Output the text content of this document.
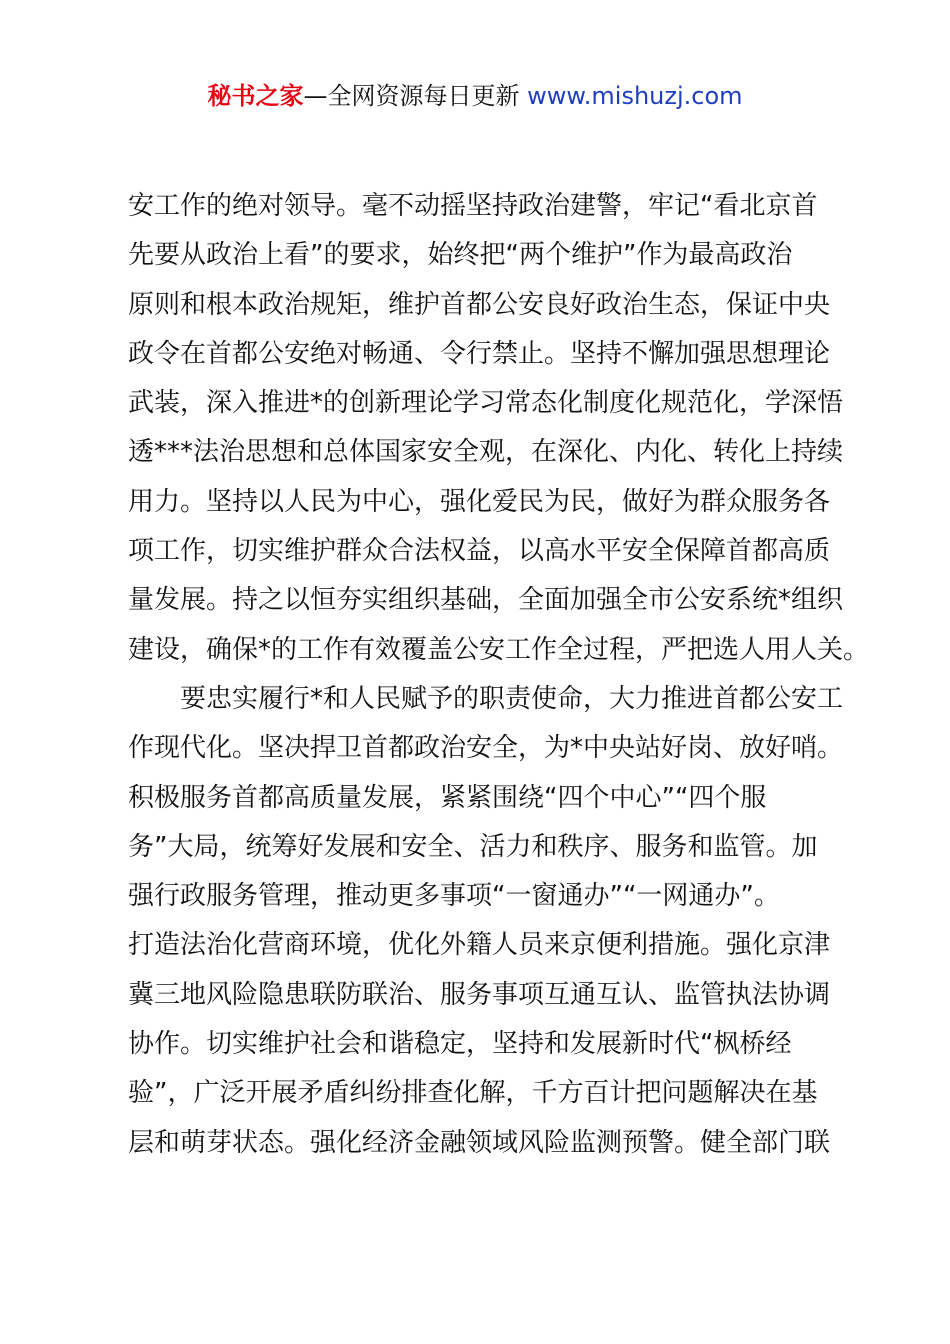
秘书之家—全网资源每日更新 www.mishuzj.com
安工作的绝对领导。毫不动摇坚持政治建警，牢记“看北京首
先要从政治上看”的要求，始终把“两个维护”作为最高政治
原则和根本政治规矩，维护首都公安良好政治生态，保证中央
政令在首都公安绝对畅通、令行禁止。坚持不懈加强思想理论
武装，深入推进*的创新理论学习常态化制度化规范化，学深悟
透***法治思想和总体国家安全观，在深化、内化、转化上持续
用力。坚持以人民为中心，强化爱民为民，做好为群众服务各
项工作，切实维护群众合法权益，以高水平安全保障首都高质
量发展。持之以恒夯实组织基础，全面加强全市公安系统*组织
建设，确保*的工作有效覆盖公安工作全过程，严把选人用人关。
　　要忠实履行*和人民赋予的职责使命，大力推进首都公安工
作现代化。坚决捍卫首都政治安全，为*中央站好岗、放好哨。
积极服务首都高质量发展，紧紧围绕“四个中心”“四个服
务”大局，统筹好发展和安全、活力和秩序、服务和监管。加
强行政服务管理，推动更多事项“一窗通办”“一网通办”。
打造法治化营商环境，优化外籍人员来京便利措施。强化京津
冀三地风险隐患联防联治、服务事项互通互认、监管执法协调
协作。切实维护社会和谐稳定，坚持和发展新时代“枫桥经
验”，广泛开展矛盾纠纷排查化解，千方百计把问题解决在基
层和萌芽状态。强化经济金融领域风险监测预警。健全部门联
